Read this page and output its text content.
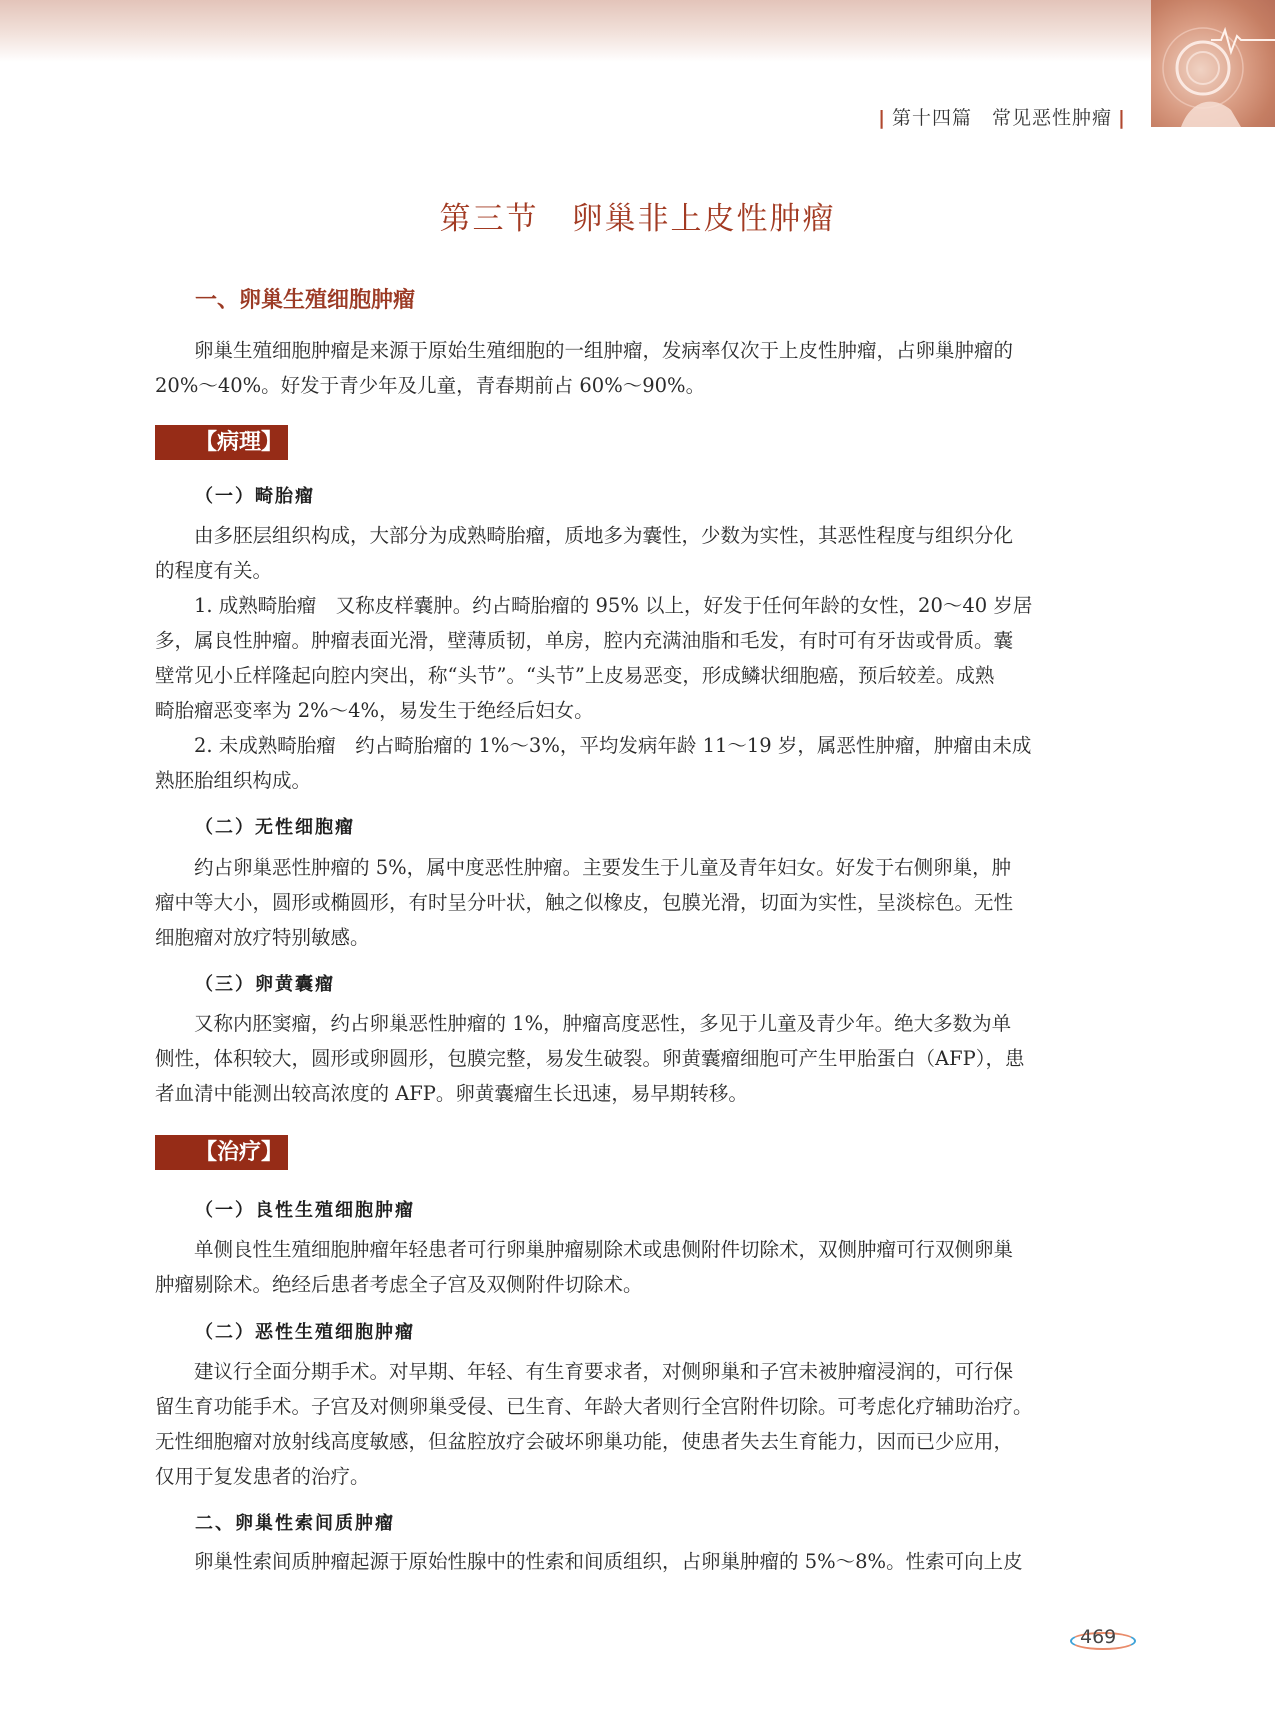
| 第十四篇　常见恶性肿瘤 |
第三节　卵巢非上皮性肿瘤
一、卵巢生殖细胞肿瘤
卵巢生殖细胞肿瘤是来源于原始生殖细胞的一组肿瘤，发病率仅次于上皮性肿瘤，占卵巢肿瘤的
20%～40%。好发于青少年及儿童，青春期前占 60%～90%。
【病理】
（一）畸胎瘤
由多胚层组织构成，大部分为成熟畸胎瘤，质地多为囊性，少数为实性，其恶性程度与组织分化
的程度有关。
1. 成熟畸胎瘤　又称皮样囊肿。约占畸胎瘤的 95% 以上，好发于任何年龄的女性，20～40 岁居
多，属良性肿瘤。肿瘤表面光滑，壁薄质韧，单房，腔内充满油脂和毛发，有时可有牙齿或骨质。囊
壁常见小丘样隆起向腔内突出，称“头节”。“头节”上皮易恶变，形成鳞状细胞癌，预后较差。成熟
畸胎瘤恶变率为 2%～4%，易发生于绝经后妇女。
2. 未成熟畸胎瘤　约占畸胎瘤的 1%～3%，平均发病年龄 11～19 岁，属恶性肿瘤，肿瘤由未成
熟胚胎组织构成。
（二）无性细胞瘤
约占卵巢恶性肿瘤的 5%，属中度恶性肿瘤。主要发生于儿童及青年妇女。好发于右侧卵巢，肿
瘤中等大小，圆形或椭圆形，有时呈分叶状，触之似橡皮，包膜光滑，切面为实性，呈淡棕色。无性
细胞瘤对放疗特别敏感。
（三）卵黄囊瘤
又称内胚窦瘤，约占卵巢恶性肿瘤的 1%，肿瘤高度恶性，多见于儿童及青少年。绝大多数为单
侧性，体积较大，圆形或卵圆形，包膜完整，易发生破裂。卵黄囊瘤细胞可产生甲胎蛋白（AFP），患
者血清中能测出较高浓度的 AFP。卵黄囊瘤生长迅速，易早期转移。
【治疗】
（一）良性生殖细胞肿瘤
单侧良性生殖细胞肿瘤年轻患者可行卵巢肿瘤剔除术或患侧附件切除术，双侧肿瘤可行双侧卵巢
肿瘤剔除术。绝经后患者考虑全子宫及双侧附件切除术。
（二）恶性生殖细胞肿瘤
建议行全面分期手术。对早期、年轻、有生育要求者，对侧卵巢和子宫未被肿瘤浸润的，可行保
留生育功能手术。子宫及对侧卵巢受侵、已生育、年龄大者则行全宫附件切除。可考虑化疗辅助治疗。
无性细胞瘤对放射线高度敏感，但盆腔放疗会破坏卵巢功能，使患者失去生育能力，因而已少应用，
仅用于复发患者的治疗。
二、卵巢性索间质肿瘤
卵巢性索间质肿瘤起源于原始性腺中的性索和间质组织，占卵巢肿瘤的 5%～8%。性索可向上皮
469
